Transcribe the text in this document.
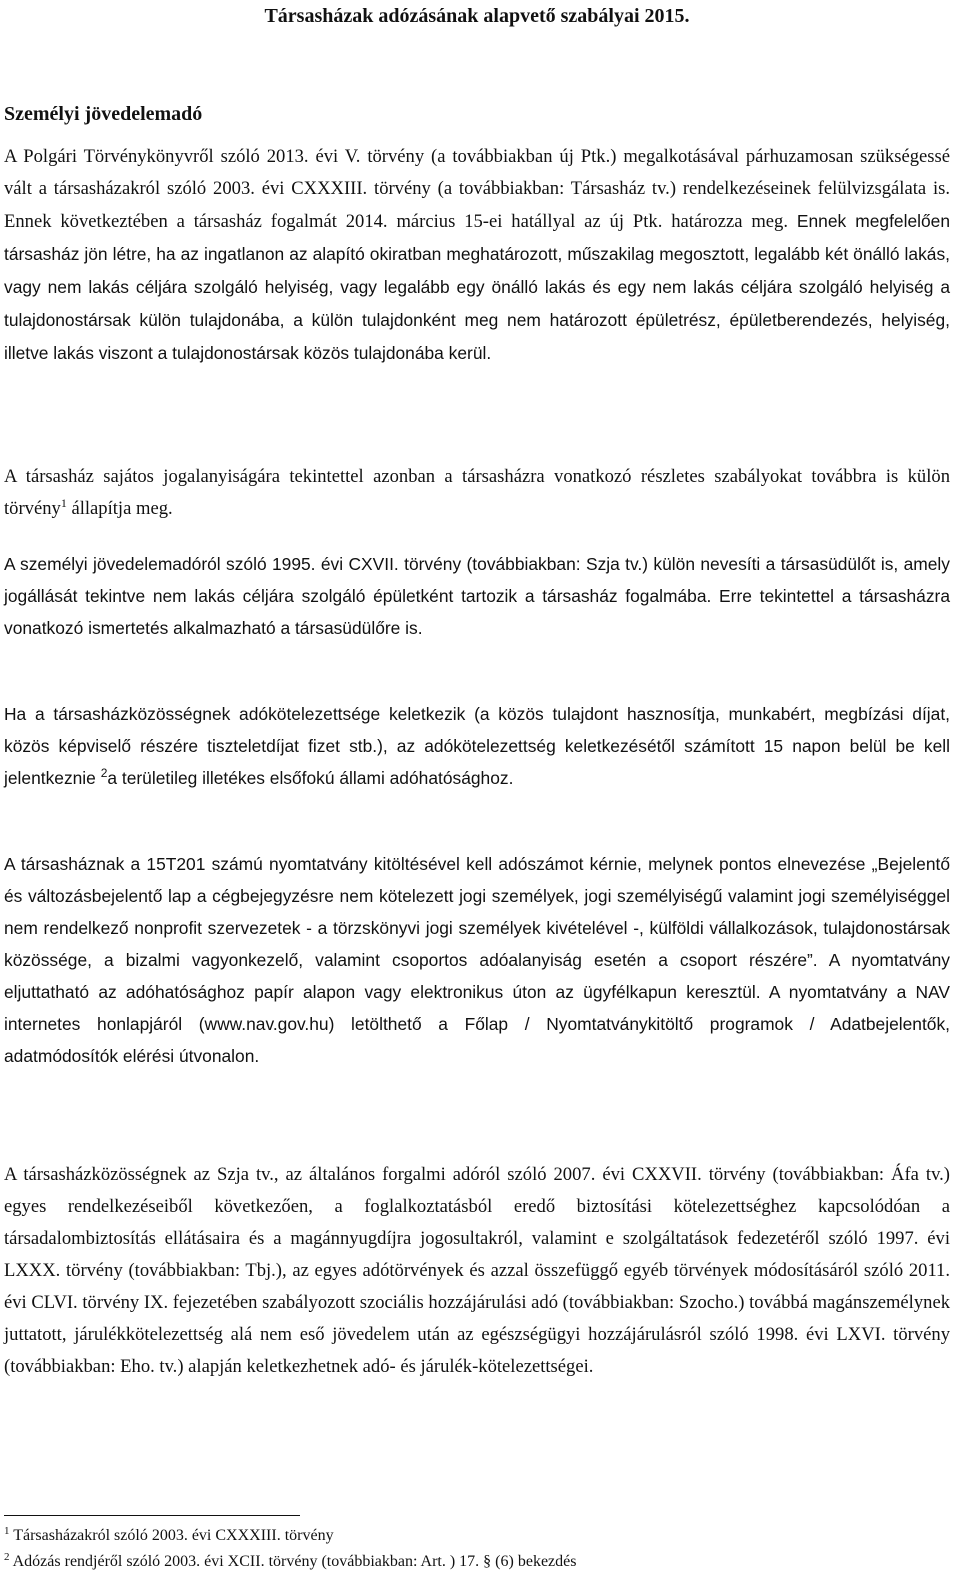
Társasházak adózásának alapvető szabályai 2015.
Személyi jövedelemadó

A Polgári Törvénykönyvről szóló 2013. évi V. törvény (a továbbiakban új Ptk.) megalkotásával párhuzamosan szükségessé vált a társasházakról szóló 2003. évi CXXXIII. törvény (a továbbiakban: Társasház tv.) rendelkezéseinek felülvizsgálata is. Ennek következtében a társasház fogalmát 2014. március 15-ei hatállyal az új Ptk. határozza meg. Ennek megfelelően társasház jön létre, ha az ingatlanon az alapító okiratban meghatározott, műszakilag megosztott, legalább két önálló lakás, vagy nem lakás céljára szolgáló helyiség, vagy legalább egy önálló lakás és egy nem lakás céljára szolgáló helyiség a tulajdonostársak külön tulajdonába, a külön tulajdonként meg nem határozott épületrész, épületberendezés, helyiség, illetve lakás viszont a tulajdonostársak közös tulajdonába kerül.

A társasház sajátos jogalanyiságára tekintettel azonban a társasházra vonatkozó részletes szabályokat továbbra is külön törvény$^1$ állapítja meg.

A személyi jövedelemadóról szóló 1995. évi CXVII. törvény (továbbiakban: Szja tv.) külön nevesíti a társasüdülőt is, amely jogállását tekintve nem lakás céljára szolgáló épületként tartozik a társasház fogalmába. Erre tekintettel a társasházra vonatkozó ismertetés alkalmazható a társasüdülőre is.

Ha a társasházközösségnek adókötelezettsége keletkezik (a közös tulajdont hasznosítja, munkabért, megbízási díjat, közös képviselő részére tiszteletdíjat fizet stb.), az adókötelezettség keletkezésétől számított 15 napon belül be kell jelentkeznie $^2$a területileg illetékes elsőfokú állami adóhatósághoz.

A társasháznak a 15T201 számú nyomtatvány kitöltésével kell adószámot kérnie, melynek pontos elnevezése „Bejelentő és változásbejelentő lap a cégbejegyzésre nem kötelezett jogi személyek, jogi személyiségű valamint jogi személyiséggel nem rendelkező nonprofit szervezetek - a törzskönyvi jogi személyek kivételével -, külföldi vállalkozások, tulajdonostársak közössége, a bizalmi vagyonkezelő, valamint csoportos adóalanyiság esetén a csoport részére”. A nyomtatvány eljuttatható az adóhatósághoz papír alapon vagy elektronikus úton az ügyfélkapun keresztül. A nyomtatvány a NAV internetes honlapjáról (www.nav.gov.hu) letölthető a Főlap / Nyomtatványkitöltő programok / Adatbejelentők, adatmódosítók elérési útvonalon.

A társasházközösségnek az Szja tv., az általános forgalmi adóról szóló 2007. évi CXXVII. törvény (továbbiakban: Áfa tv.) egyes rendelkezéseiből következően, a foglalkoztatásból eredő biztosítási kötelezettséghez kapcsolódóan a társadalombiztosítás ellátásaira és a magánnyugdíjra jogosultakról, valamint e szolgáltatások fedezetéről szóló 1997. évi LXXX. törvény (továbbiakban: Tbj.), az egyes adótörvények és azzal összefüggő egyéb törvények módosításáról szóló 2011. évi CLVI. törvény IX. fejezetében szabályozott szociális hozzájárulási adó (továbbiakban: Szocho.) továbbá magánszemélynek juttatott, járulékkötelezettség alá nem eső jövedelem után az egészségügyi hozzájárulásról szóló 1998. évi LXVI. törvény (továbbiakban: Eho. tv.) alapján keletkezhetnek adó- és járulék-kötelezettségei.

$^1$ Társasházakról szóló 2003. évi CXXXIII. törvény
$^2$ Adózás rendjéről szóló 2003. évi XCII. törvény (továbbiakban: Art. ) 17. § (6) bekezdés
